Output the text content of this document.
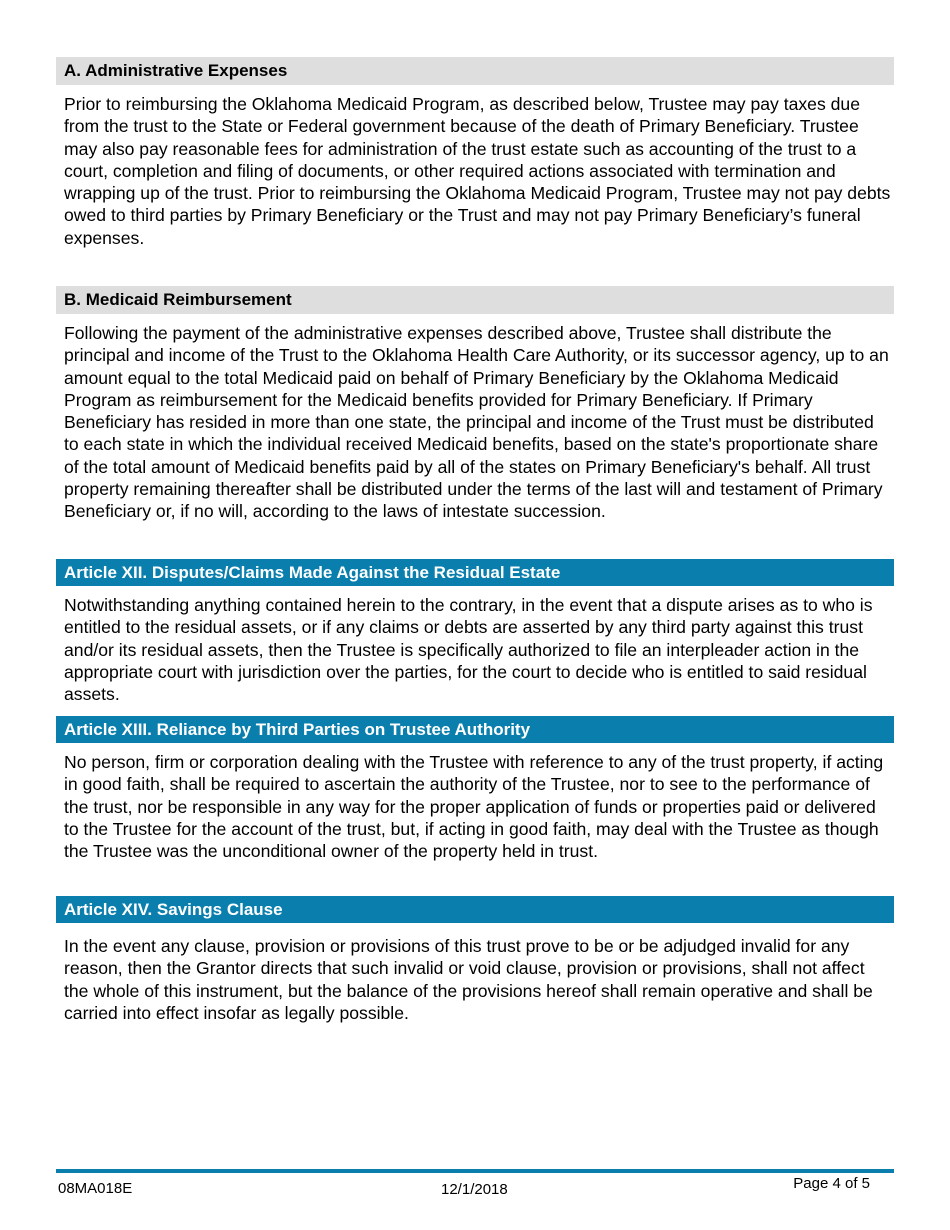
A. Administrative Expenses

Prior to reimbursing the Oklahoma Medicaid Program, as described below, Trustee may pay taxes due from the trust to the State or Federal government because of the death of Primary Beneficiary. Trustee may also pay reasonable fees for administration of the trust estate such as accounting of the trust to a court, completion and filing of documents, or other required actions associated with termination and wrapping up of the trust. Prior to reimbursing the Oklahoma Medicaid Program, Trustee may not pay debts owed to third parties by Primary Beneficiary or the Trust and may not pay Primary Beneficiary’s funeral expenses.

B. Medicaid Reimbursement

Following the payment of the administrative expenses described above, Trustee shall distribute the principal and income of the Trust to the Oklahoma Health Care Authority, or its successor agency, up to an amount equal to the total Medicaid paid on behalf of Primary Beneficiary by the Oklahoma Medicaid Program as reimbursement for the Medicaid benefits provided for Primary Beneficiary. If Primary Beneficiary has resided in more than one state, the principal and income of the Trust must be distributed to each state in which the individual received Medicaid benefits, based on the state's proportionate share of the total amount of Medicaid benefits paid by all of the states on Primary Beneficiary's behalf. All trust property remaining thereafter shall be distributed under the terms of the last will and testament of Primary Beneficiary or, if no will, according to the laws of intestate succession.

Article XII. Disputes/Claims Made Against the Residual Estate

Notwithstanding anything contained herein to the contrary, in the event that a dispute arises as to who is entitled to the residual assets, or if any claims or debts are asserted by any third party against this trust and/or its residual assets, then the Trustee is specifically authorized to file an interpleader action in the appropriate court with jurisdiction over the parties, for the court to decide who is entitled to said residual assets.

Article XIII. Reliance by Third Parties on Trustee Authority

No person, firm or corporation dealing with the Trustee with reference to any of the trust property, if acting in good faith, shall be required to ascertain the authority of the Trustee, nor to see to the performance of the trust, nor be responsible in any way for the proper application of funds or properties paid or delivered to the Trustee for the account of the trust, but, if acting in good faith, may deal with the Trustee as though the Trustee was the unconditional owner of the property held in trust.

Article XIV. Savings Clause

In the event any clause, provision or provisions of this trust prove to be or be adjudged invalid for any reason, then the Grantor directs that such invalid or void clause, provision or provisions, shall not affect the whole of this instrument, but the balance of the provisions hereof shall remain operative and shall be carried into effect insofar as legally possible.

08MA018E	12/1/2018	Page 4 of 5
